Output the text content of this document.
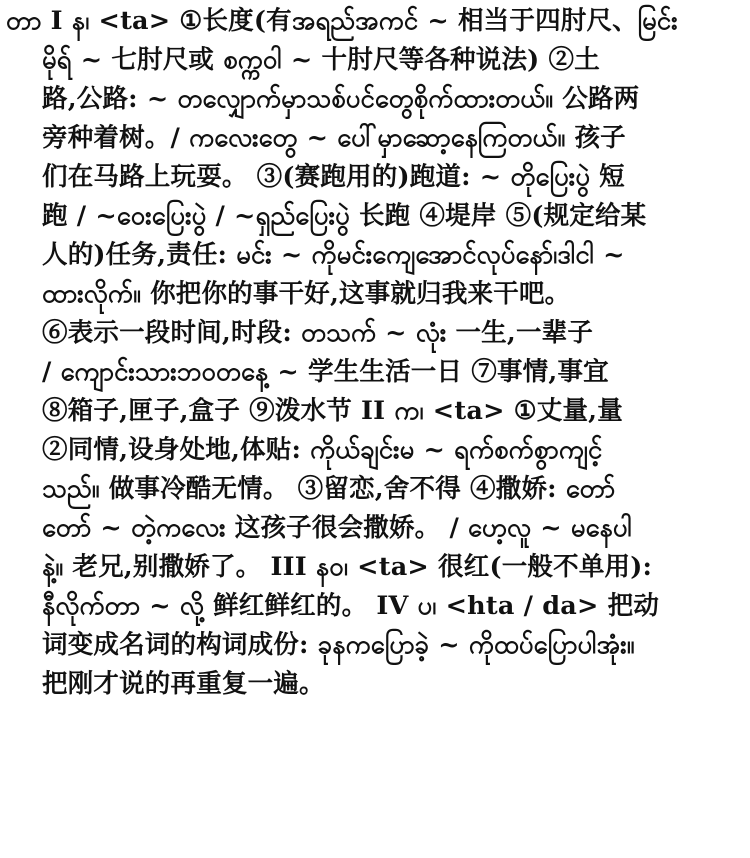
တာ I န၊ <ta> ①长度(有အရည်အကင် ~ 相当于四肘尺、မြင်း
မိုရ် ~ 七肘尺或 စက္ကဝါ ~ 十肘尺等各种说法) ②土
路,公路: ~ တလျှောက်မှာသစ်ပင်တွေစိုက်ထားတယ်။ 公路两
旁种着树。/ ကလေးတွေ ~ ပေါ်မှာဆော့နေကြတယ်။ 孩子
们在马路上玩耍。 ③(赛跑用的)跑道: ~ တိုပြေးပွဲ 短
跑 / ~ဝေးပြေးပွဲ / ~ရှည်ပြေးပွဲ 长跑 ④堤岸 ⑤(规定给某
人的)任务,责任: မင်း ~ ကိုမင်းကျေအောင်လုပ်နော်၊ဒါငါ ~
ထားလိုက်။ 你把你的事干好,这事就归我来干吧。
⑥表示一段时间,时段: တသက် ~ လုံး 一生,一辈子
/ ကျောင်းသားဘဝတနေ့ ~ 学生生活一日 ⑦事情,事宜
⑧箱子,匣子,盒子 ⑨泼水节 II က၊ <ta> ①丈量,量
②同情,设身处地,体贴: ကိုယ်ချင်းမ ~ ရက်စက်စွာကျင့်
သည်။ 做事冷酷无情。 ③留恋,舍不得 ④撒娇: တော်
တော် ~ တဲ့ကလေး 这孩子很会撒娇。 / ဟေ့လူ ~ မနေပါ
နဲ့။ 老兄,别撒娇了。 III နဝ၊ <ta> 很红(一般不单用):
နီလိုက်တာ ~ လို့ 鲜红鲜红的。 IV ပ၊ <hta / da> 把动
词变成名词的构词成份: ခုနကပြောခဲ့ ~ ကိုထပ်ပြောပါအုံး။
把刚才说的再重复一遍。
